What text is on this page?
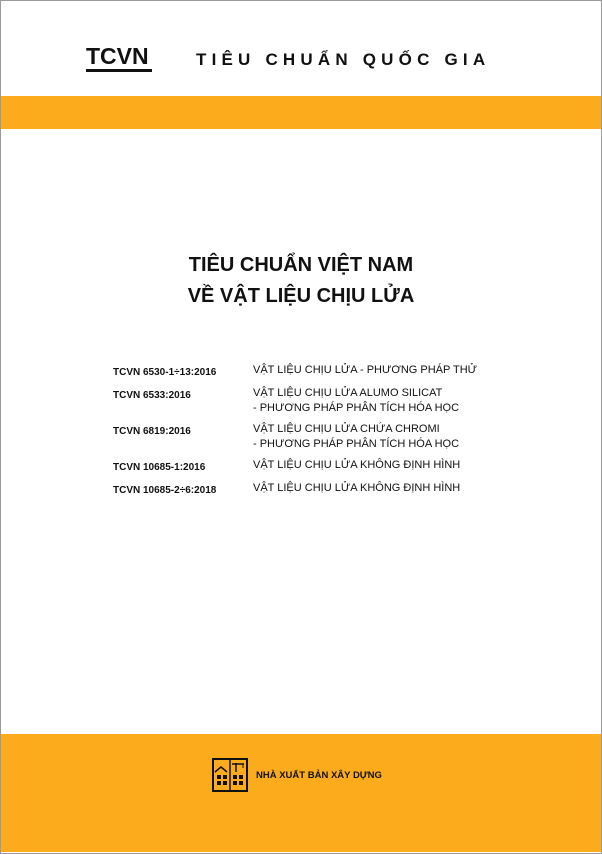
TCVN	TIÊU CHUẨN QUỐC GIA
TIÊU CHUẨN VIỆT NAM
VỀ VẬT LIỆU CHỊU LỬA
TCVN 6530-1÷13:2016	VẬT LIỆU CHỊU LỬA - PHƯƠNG PHÁP THỬ
TCVN 6533:2016	VẬT LIỆU CHỊU LỬA ALUMO SILICAT
- PHƯƠNG PHÁP PHÂN TÍCH HÓA HỌC
TCVN 6819:2016	VẬT LIỆU CHỊU LỬA CHỨA CHROMI
- PHƯƠNG PHÁP PHÂN TÍCH HÓA HỌC
TCVN 10685-1:2016	VẬT LIỆU CHỊU LỬA KHÔNG ĐỊNH HÌNH
TCVN 10685-2÷6:2018	VẬT LIỆU CHỊU LỬA KHÔNG ĐỊNH HÌNH
NHÀ XUẤT BẢN XÂY DỰNG
